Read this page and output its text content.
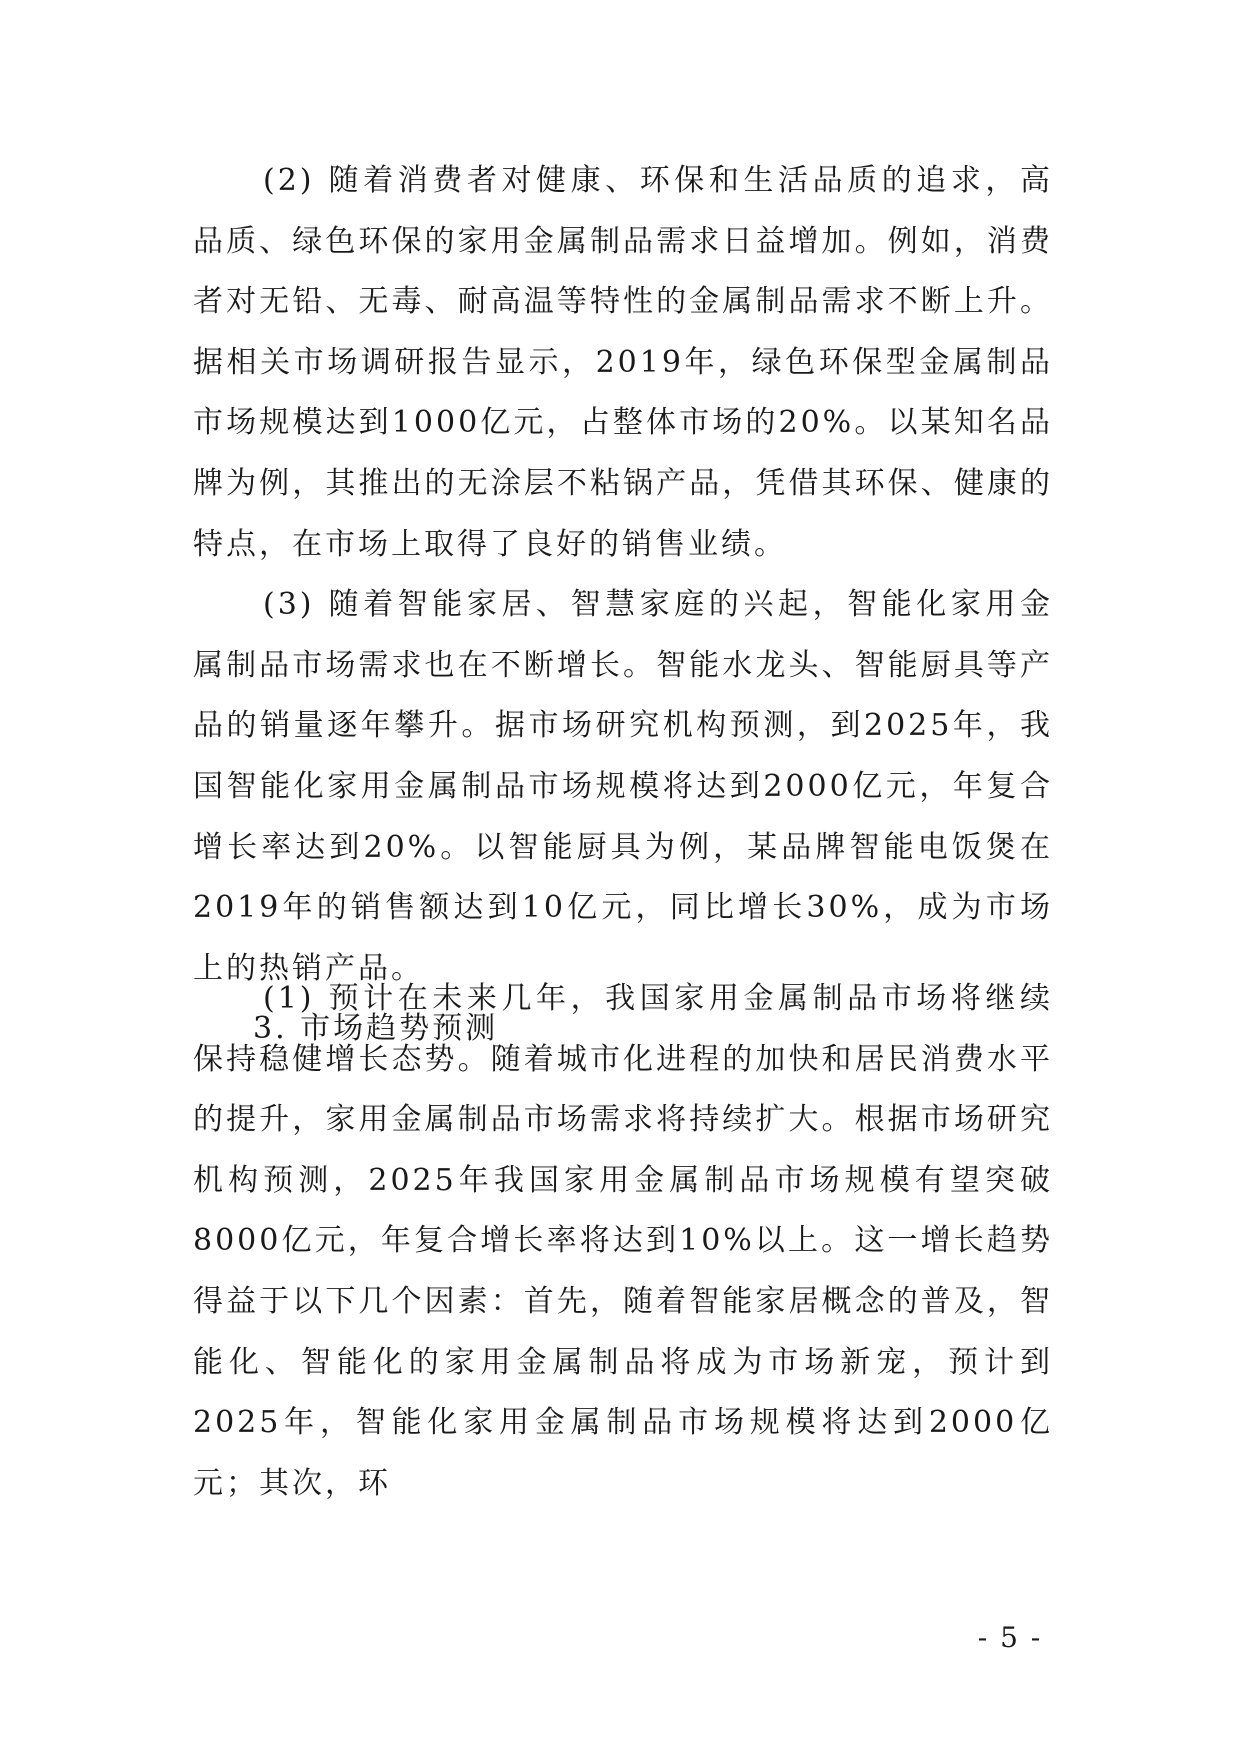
(2) 随着消费者对健康、环保和生活品质的追求，高品质、绿色环保的家用金属制品需求日益增加。例如，消费者对无铅、无毒、耐高温等特性的金属制品需求不断上升。据相关市场调研报告显示，2019年，绿色环保型金属制品市场规模达到1000亿元，占整体市场的20%。以某知名品牌为例，其推出的无涂层不粘锅产品，凭借其环保、健康的特点，在市场上取得了良好的销售业绩。

(3) 随着智能家居、智慧家庭的兴起，智能化家用金属制品市场需求也在不断增长。智能水龙头、智能厨具等产品的销量逐年攀升。据市场研究机构预测，到2025年，我国智能化家用金属制品市场规模将达到2000亿元，年复合增长率达到20%。以智能厨具为例，某品牌智能电饭煲在2019年的销售额达到10亿元，同比增长30%，成为市场上的热销产品。

3. 市场趋势预测

(1) 预计在未来几年，我国家用金属制品市场将继续保持稳健增长态势。随着城市化进程的加快和居民消费水平的提升，家用金属制品市场需求将持续扩大。根据市场研究机构预测，2025年我国家用金属制品市场规模有望突破8000亿元，年复合增长率将达到10%以上。这一增长趋势得益于以下几个因素：首先，随着智能家居概念的普及，智能化、智能化的家用金属制品将成为市场新宠，预计到2025年，智能化家用金属制品市场规模将达到2000亿元；其次，环

- 5 -
